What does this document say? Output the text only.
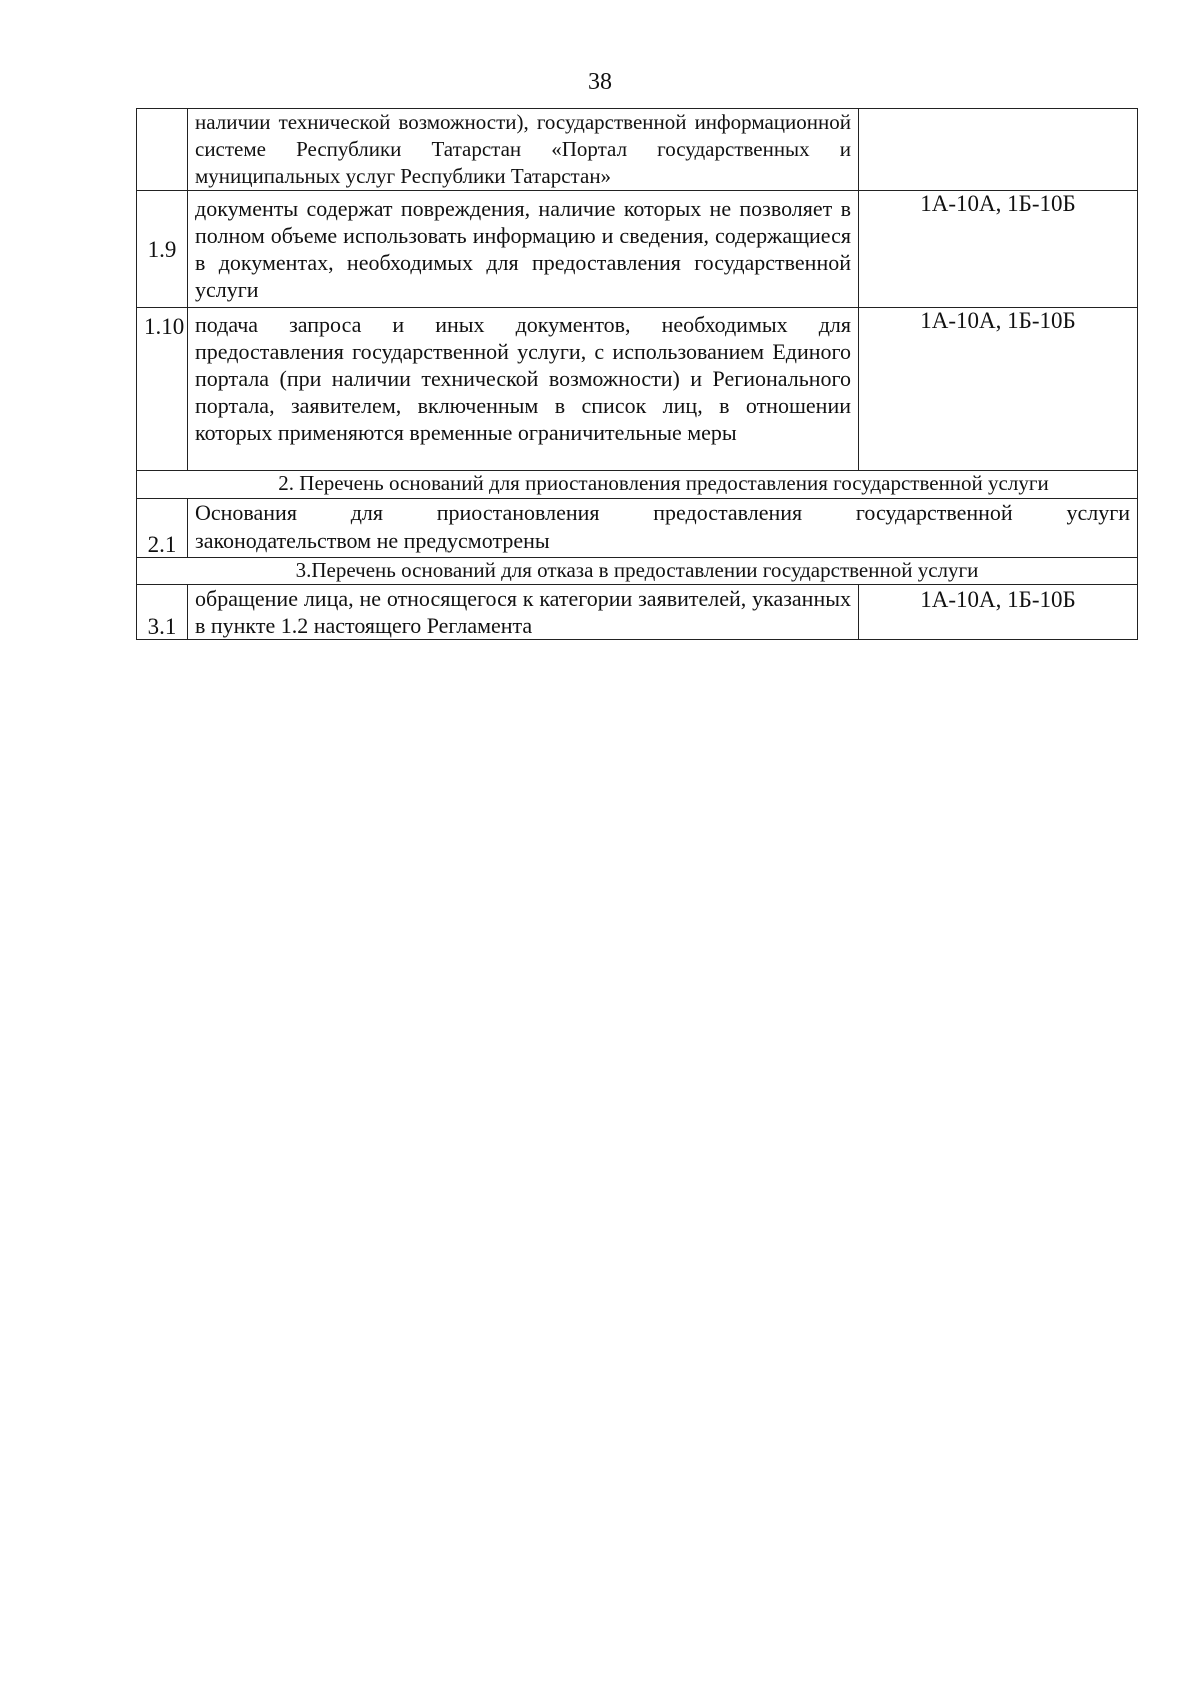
38
	наличии технической возможности), государственной информационной системе Республики Татарстан «Портал государственных и муниципальных услуг Республики Татарстан»	
1.9	документы содержат повреждения, наличие которых не позволяет в полном объеме использовать информацию и сведения, содержащиеся в документах, необходимых для предоставления государственной услуги	1А-10А, 1Б-10Б
1.10	подача запроса и иных документов, необходимых для предоставления государственной услуги, с использованием Единого портала (при наличии технической возможности) и Регионального портала, заявителем, включенным в список лиц, в отношении которых применяются временные ограничительные меры	1А-10А, 1Б-10Б
2. Перечень оснований для приостановления предоставления государственной услуги		
2.1	Основания для приостановления предоставления государственной услуги
законодательством не предусмотрены	
3.Перечень оснований для отказа в предоставлении государственной услуги		
3.1	обращение лица, не относящегося к категории заявителей, указанных в пункте 1.2 настоящего Регламента	1А-10А, 1Б-10Б
